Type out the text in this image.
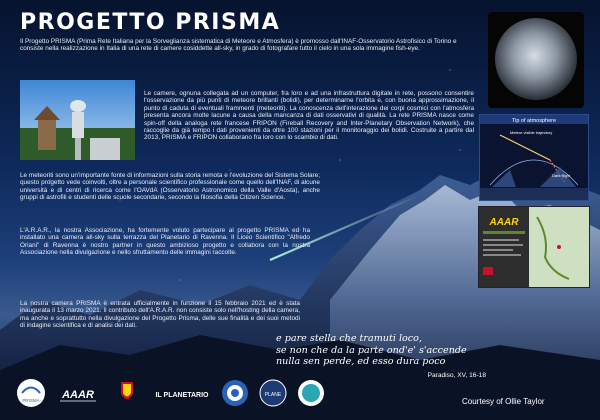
PROGETTO PRISMA
Il Progetto PRISMA (Prima Rete Italiana per la Sorveglianza sistematica di Meteore e Atmosfera) è promosso dall'INAF-Osservatorio Astrofisico di Torino e consiste nella realizzazione in Italia di una rete di camere cosiddette all-sky, in grado di fotografare tutto il cielo in una sola immagine fish-eye.
Le camere, ognuna collegata ad un computer, fra loro e ad una infrastruttura digitale in rete, possono consentire l'osservazione da più punti di meteore brillanti (bolidi), per determinarne l'orbita e, con buona approssimazione, il punto di caduta di eventuali frammenti (meteoriti). La conoscenza dell'interazione dei corpi cosmici con l'atmosfera presenta ancora molte lacune a causa della mancanza di dati osservativi di qualità. La rete PRISMA nasce come spin-off della analoga rete francese FRIPON (Fireball Recovery and Inter-Planetary Observation Network), che raccoglie da già tempo i dati provenienti da oltre 100 stazioni per il monitoraggio dei bolidi. Costruite a partire dal 2013, PRISMA e FRIPON collaborano fra loro con lo scambio di dati.
Tip of atmosphere
Meteor visible trajectory
Dark flight
AAAR
Le meteoriti sono un'importante fonte di informazioni sulla storia remota e l'evoluzione del Sistema Solare; questo progetto vede coinvolti, oltre a personale scientifico professionale come quello dell'INAF, di alcune università e di centri di ricerca come l'OAVdA (Osservatorio Astronomico della Valle d'Aosta), anche gruppi di astrofili e studenti delle scuole secondarie, secondo la filosofia della Citizen Science.
L'A.R.A.R., la nostra Associazione, ha fortemente voluto partecipare al progetto PRISMA ed ha installato una camera all-sky sulla terrazza del Planetario di Ravenna. Il Liceo Scientifico "Alfredo Oriani" di Ravenna è nostro partner in questo ambizioso progetto e collabora con la nostra Associazione nella divulgazione e nello sfruttamento delle immagini raccolte.
La nostra camera PRISMA è entrata ufficialmente in funzione il 15 febbraio 2021 ed è stata inaugurata il 13 marzo 2021. Il contributo dell'A.R.A.R. non consiste solo nell'hosting della camera, ma anche e soprattutto nella divulgazione del Progetto Prisma, delle sue finalità e dei suoi metodi di indagine scientifica e di analisi dei dati.
e pare stella che tramuti loco,
se non che da la parte ond'e' s'accende
nulla sen perde, ed esso dura poco
Paradiso, XV, 16-18
Courtesy of Ollie Taylor
PRISMA AAAR	IL PLANETARIO	PLANE
